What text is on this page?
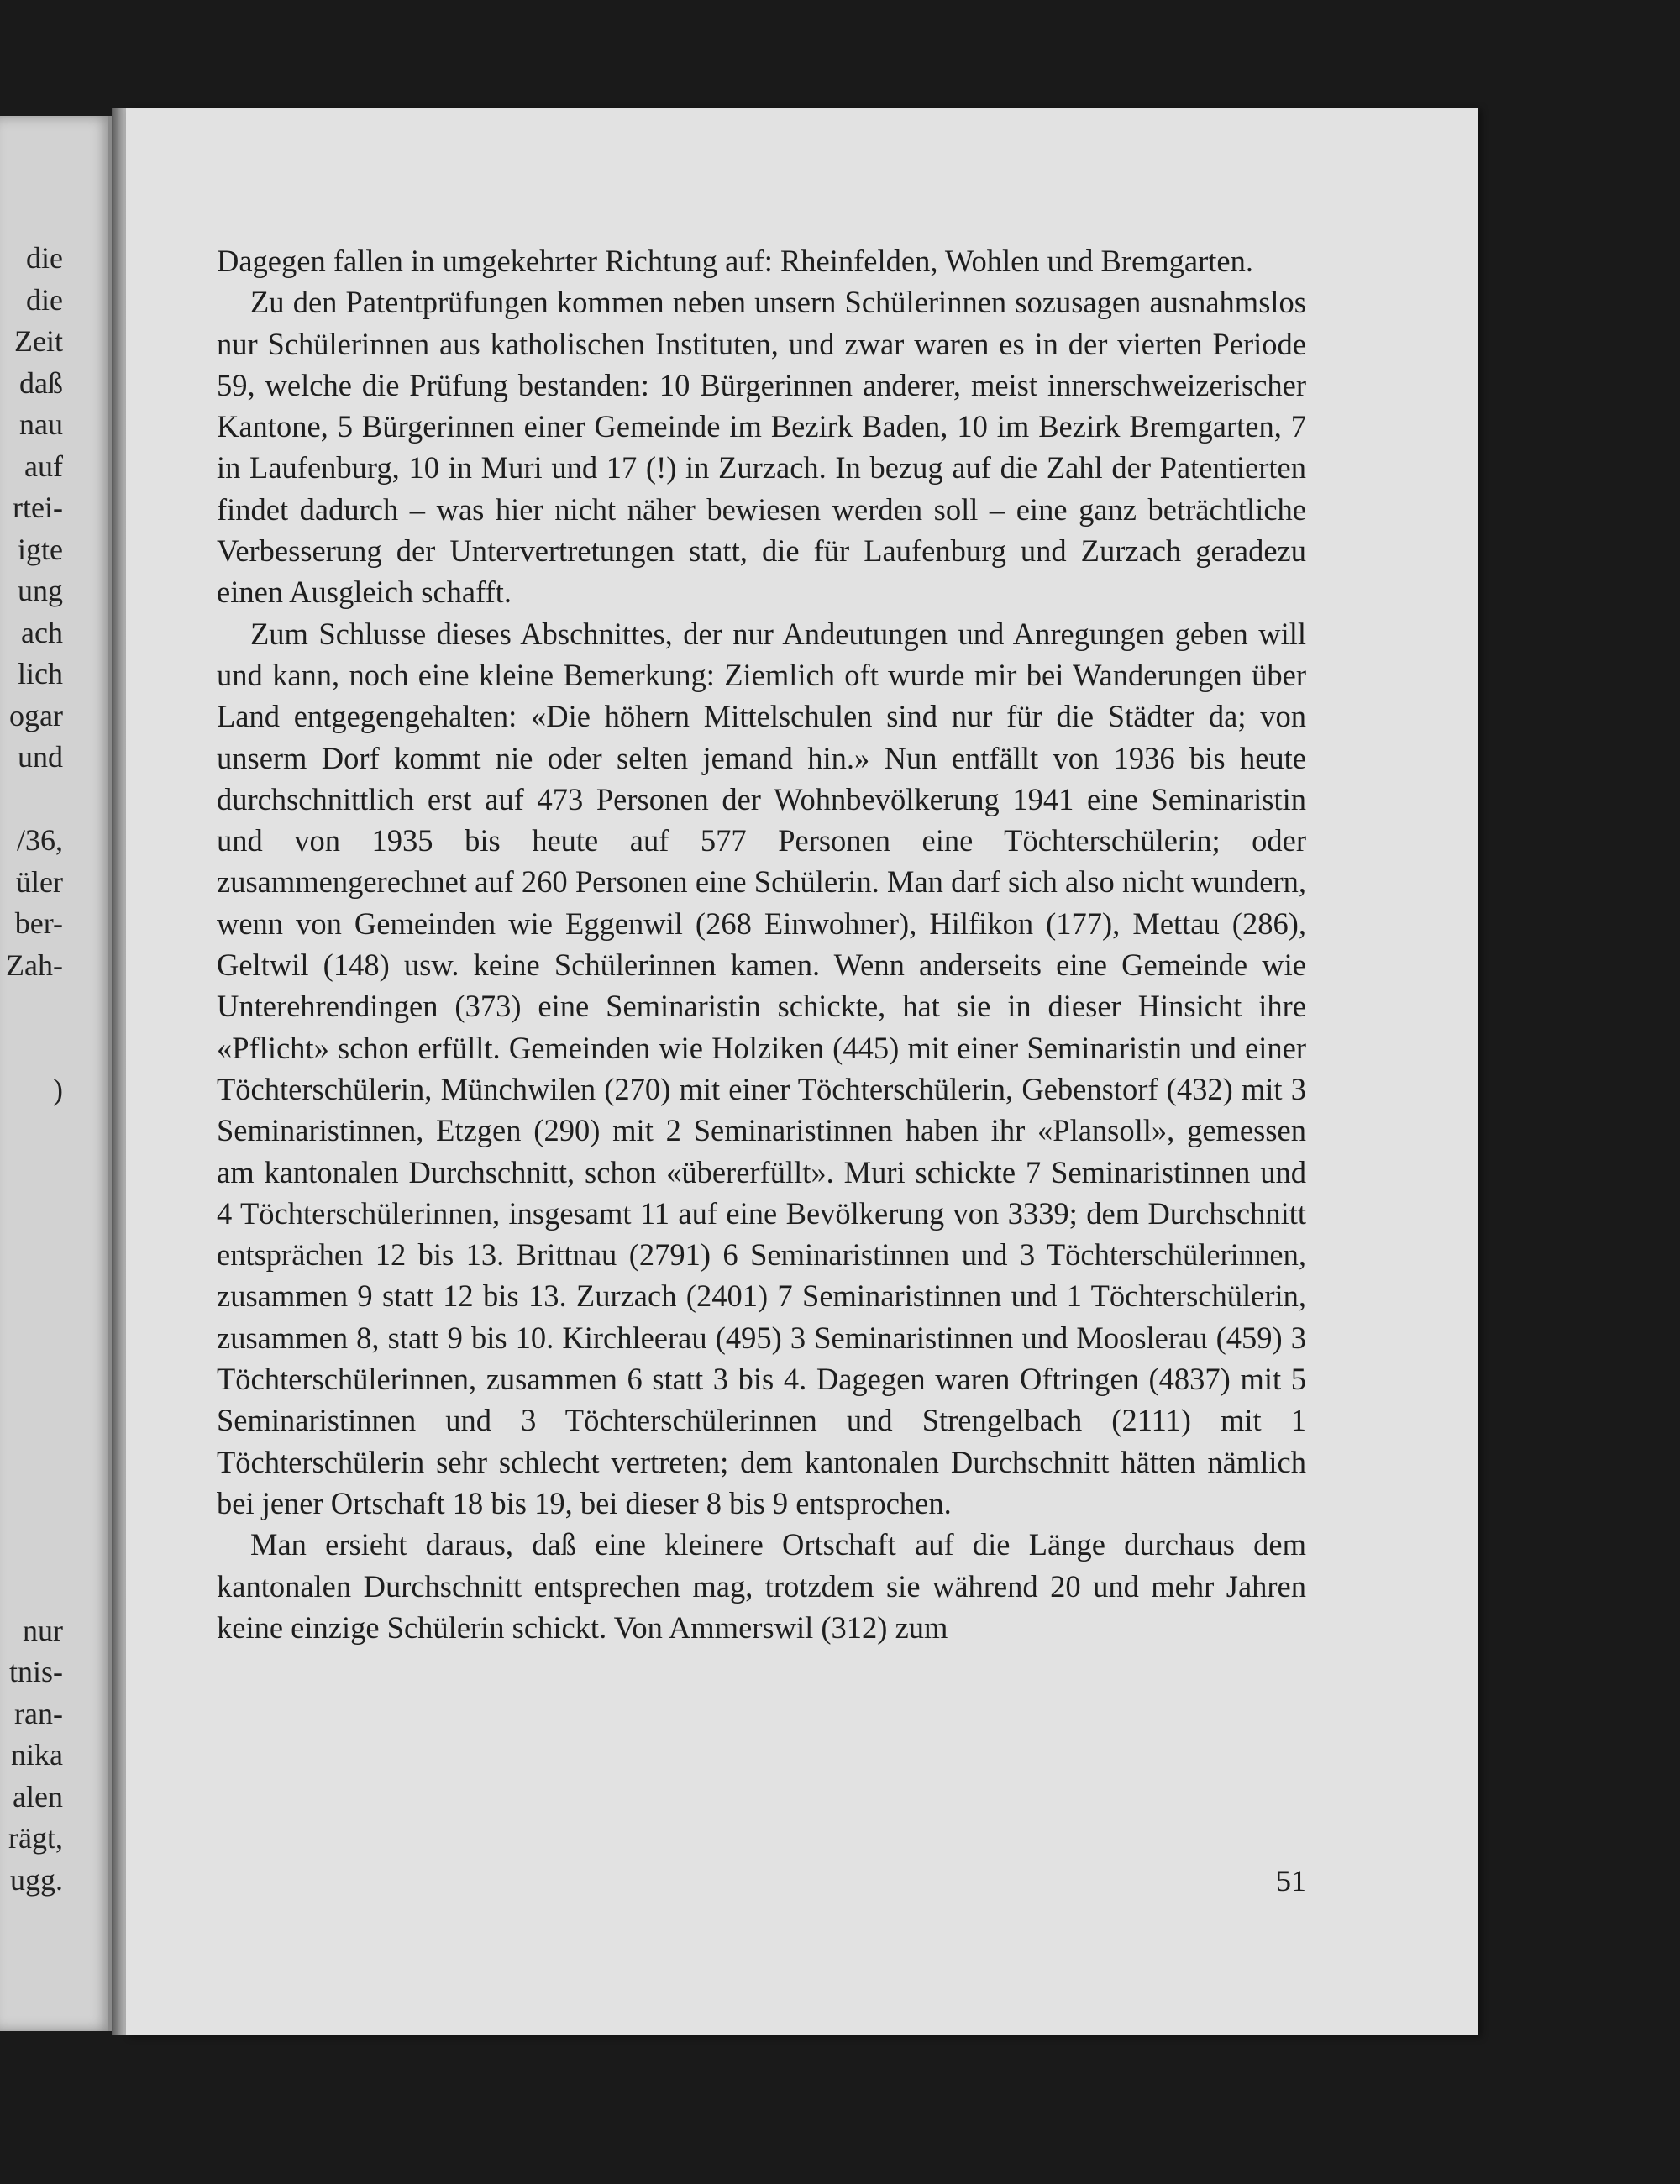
die
die
Zeit
daß
nau
auf
rtei-
igte
ung
ach
lich
ogar
und

/36,
üler
ber-
Zah-

)

nur
tnis-
ran-
nika
alen
rägt,
ugg.

Dagegen fallen in umgekehrter Richtung auf: Rheinfelden, Wohlen und Bremgarten.

Zu den Patentprüfungen kommen neben unsern Schülerinnen sozusagen ausnahmslos nur Schülerinnen aus katholischen Instituten, und zwar waren es in der vierten Periode 59, welche die Prüfung bestanden: 10 Bürgerinnen anderer, meist innerschweizerischer Kantone, 5 Bürgerinnen einer Gemeinde im Bezirk Baden, 10 im Bezirk Bremgarten, 7 in Laufenburg, 10 in Muri und 17 (!) in Zurzach. In bezug auf die Zahl der Patentierten findet dadurch – was hier nicht näher bewiesen werden soll – eine ganz beträchtliche Verbesserung der Untervertretungen statt, die für Laufenburg und Zurzach geradezu einen Ausgleich schafft.

Zum Schlusse dieses Abschnittes, der nur Andeutungen und Anregungen geben will und kann, noch eine kleine Bemerkung: Ziemlich oft wurde mir bei Wanderungen über Land entgegengehalten: «Die höhern Mittelschulen sind nur für die Städter da; von unserm Dorf kommt nie oder selten jemand hin.» Nun entfällt von 1936 bis heute durchschnittlich erst auf 473 Personen der Wohnbevölkerung 1941 eine Seminaristin und von 1935 bis heute auf 577 Personen eine Töchterschülerin; oder zusammengerechnet auf 260 Personen eine Schülerin. Man darf sich also nicht wundern, wenn von Gemeinden wie Eggenwil (268 Einwohner), Hilfikon (177), Mettau (286), Geltwil (148) usw. keine Schülerinnen kamen. Wenn anderseits eine Gemeinde wie Unterehrendingen (373) eine Seminaristin schickte, hat sie in dieser Hinsicht ihre «Pflicht» schon erfüllt. Gemeinden wie Holziken (445) mit einer Seminaristin und einer Töchterschülerin, Münchwilen (270) mit einer Töchterschülerin, Gebenstorf (432) mit 3 Seminaristinnen, Etzgen (290) mit 2 Seminaristinnen haben ihr «Plansoll», gemessen am kantonalen Durchschnitt, schon «übererfüllt». Muri schickte 7 Seminaristinnen und 4 Töchterschülerinnen, insgesamt 11 auf eine Bevölkerung von 3339; dem Durchschnitt entsprächen 12 bis 13. Brittnau (2791) 6 Seminaristinnen und 3 Töchterschülerinnen, zusammen 9 statt 12 bis 13. Zurzach (2401) 7 Seminaristinnen und 1 Töchterschülerin, zusammen 8, statt 9 bis 10. Kirchleerau (495) 3 Seminaristinnen und Mooslerau (459) 3 Töchterschülerinnen, zusammen 6 statt 3 bis 4. Dagegen waren Oftringen (4837) mit 5 Seminaristinnen und 3 Töchterschülerinnen und Strengelbach (2111) mit 1 Töchterschülerin sehr schlecht vertreten; dem kantonalen Durchschnitt hätten nämlich bei jener Ortschaft 18 bis 19, bei dieser 8 bis 9 entsprochen.

Man ersieht daraus, daß eine kleinere Ortschaft auf die Länge durchaus dem kantonalen Durchschnitt entsprechen mag, trotzdem sie während 20 und mehr Jahren keine einzige Schülerin schickt. Von Ammerswil (312) zum

51
